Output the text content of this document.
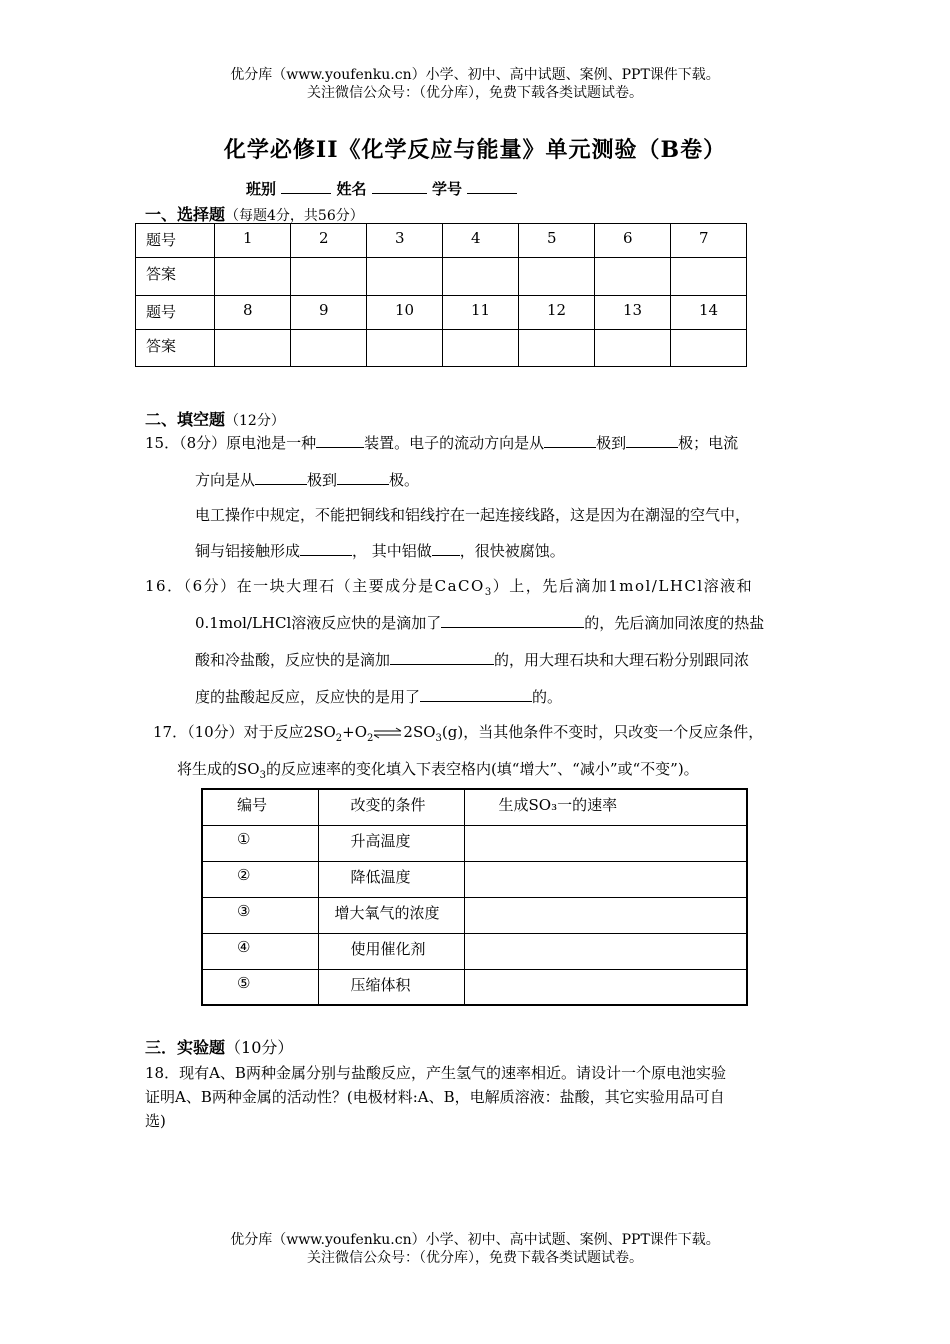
优分库（www.youfenku.cn）小学、初中、高中试题、案例、PPT课件下载。
关注微信公众号：（优分库），免费下载各类试题试卷。
化学必修II《化学反应与能量》单元测验（B卷）
班别	姓名	学号
一、选择题（每题4分，共56分）
题号	1	2	3	4	5	6	7
答案							
题号	8	9	10	11	12	13	14
答案							
二、填空题（12分）
15．（8分）原电池是一种	装置。电子的流动方向是从	极到	极；电流
方向是从	极到	极。
电工操作中规定，不能把铜线和铝线拧在一起连接线路，这是因为在潮湿的空气中，
铜与铝接触形成	， 其中铝做 ，很快被腐蚀。
16．（6分）在一块大理石（主要成分是CaCO$_3$）上，先后滴加1mol/LHCl溶液和
0.1mol/LHCl溶液反应快的是滴加了	的，先后滴加同浓度的热盐
酸和冷盐酸，反应快的是滴加	的，用大理石块和大理石粉分别跟同浓
度的盐酸起反应，反应快的是用了	的。
17．（10分）对于反应$2SO_2+O_2\rightleftharpoons 2SO_3(g)$，当其他条件不变时，只改变一个反应条件，
将生成的$SO_3$的反应速率的变化填入下表空格内(填“增大”、“减小”或“不变”)。
编号	改变的条件	生成SO₃一的速率
①	升高温度	
②	降低温度	
③	增大氧气的浓度	
④	使用催化剂	
⑤	压缩体积	
三．实验题（10分）
18．现有A、B两种金属分别与盐酸反应，产生氢气的速率相近。请设计一个原电池实验
证明A、B两种金属的活动性？(电极材料:A、B，电解质溶液：盐酸，其它实验用品可自
选)
优分库（www.youfenku.cn）小学、初中、高中试题、案例、PPT课件下载。
关注微信公众号：（优分库），免费下载各类试题试卷。
